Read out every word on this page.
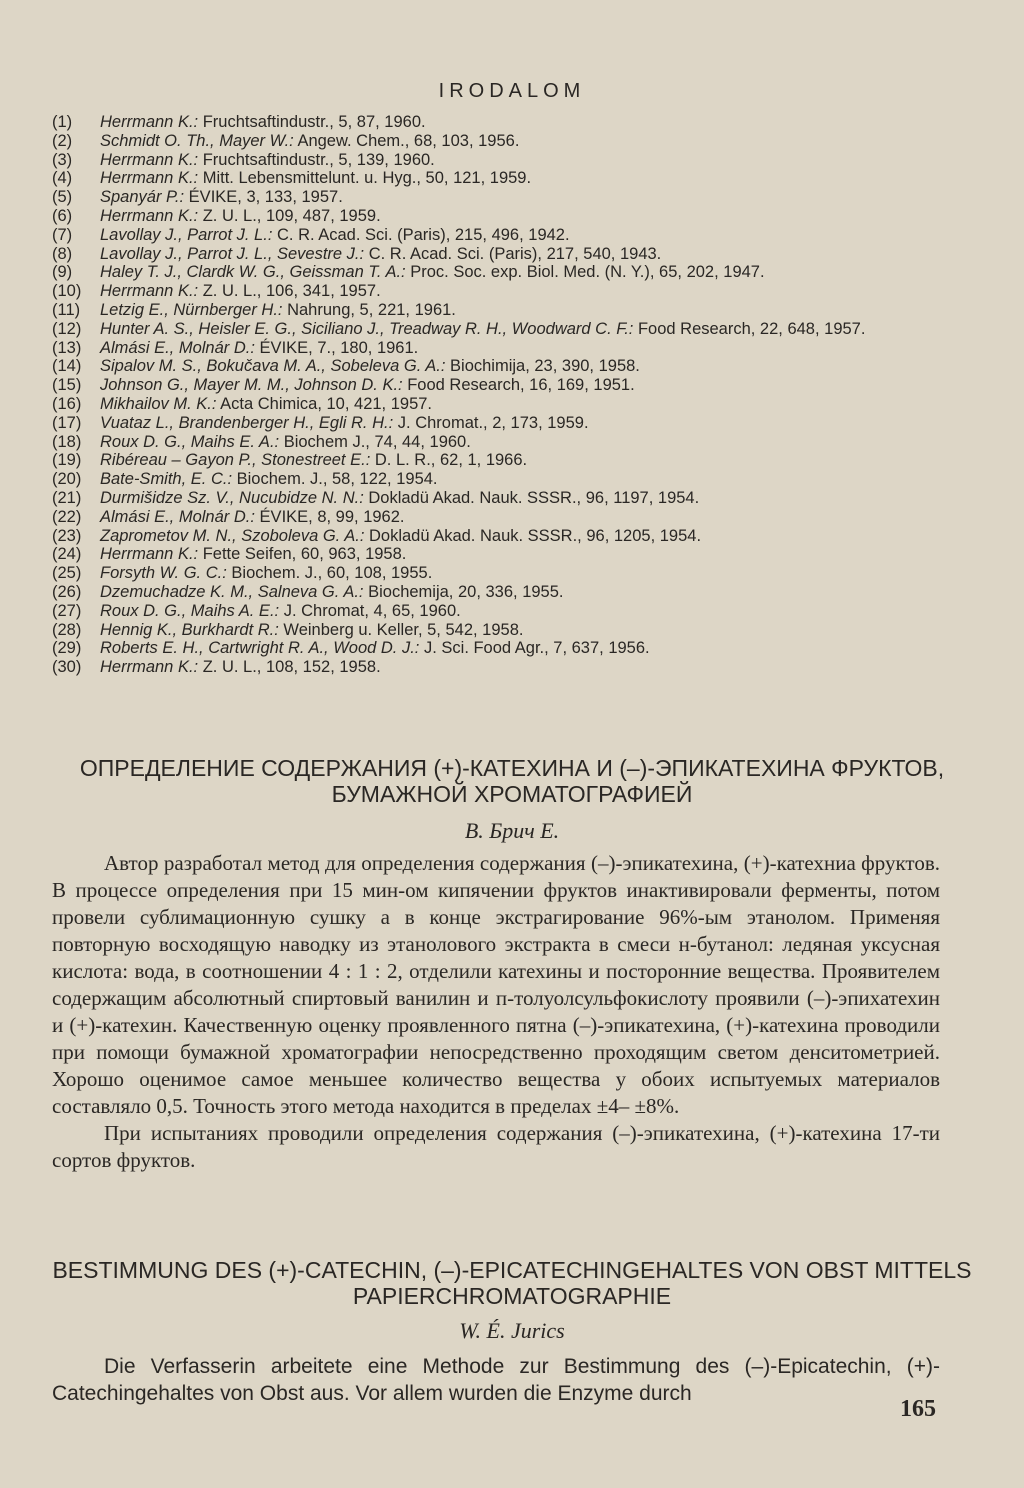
IRODALOM
(1)	Herrmann K.: Fruchtsaftindustr., 5, 87, 1960.
(2)	Schmidt O. Th., Mayer W.: Angew. Chem., 68, 103, 1956.
(3)	Herrmann K.: Fruchtsaftindustr., 5, 139, 1960.
(4)	Herrmann K.: Mitt. Lebensmittelunt. u. Hyg., 50, 121, 1959.
(5)	Spanyár P.: ÉVIKE, 3, 133, 1957.
(6)	Herrmann K.: Z. U. L., 109, 487, 1959.
(7)	Lavollay J., Parrot J. L.: C. R. Acad. Sci. (Paris), 215, 496, 1942.
(8)	Lavollay J., Parrot J. L., Sevestre J.: C. R. Acad. Sci. (Paris), 217, 540, 1943.
(9)	Haley T. J., Clardk W. G., Geissman T. A.: Proc. Soc. exp. Biol. Med. (N. Y.), 65, 202, 1947.
(10)	Herrmann K.: Z. U. L., 106, 341, 1957.
(11)	Letzig E., Nürnberger H.: Nahrung, 5, 221, 1961.
(12)	Hunter A. S., Heisler E. G., Siciliano J., Treadway R. H., Woodward C. F.: Food Research, 22, 648, 1957.
(13)	Almási E., Molnár D.: ÉVIKE, 7., 180, 1961.
(14)	Sipalov M. S., Bokučava M. A., Sobeleva G. A.: Biochimija, 23, 390, 1958.
(15)	Johnson G., Mayer M. M., Johnson D. K.: Food Research, 16, 169, 1951.
(16)	Mikhailov M. K.: Acta Chimica, 10, 421, 1957.
(17)	Vuataz L., Brandenberger H., Egli R. H.: J. Chromat., 2, 173, 1959.
(18)	Roux D. G., Maihs E. A.: Biochem J., 74, 44, 1960.
(19)	Ribéreau – Gayon P., Stonestreet E.: D. L. R., 62, 1, 1966.
(20)	Bate-Smith, E. C.: Biochem. J., 58, 122, 1954.
(21)	Durmišidze Sz. V., Nucubidze N. N.: Dokladü Akad. Nauk. SSSR., 96, 1197, 1954.
(22)	Almási E., Molnár D.: ÉVIKE, 8, 99, 1962.
(23)	Zaprometov M. N., Szoboleva G. A.: Dokladü Akad. Nauk. SSSR., 96, 1205, 1954.
(24)	Herrmann K.: Fette Seifen, 60, 963, 1958.
(25)	Forsyth W. G. C.: Biochem. J., 60, 108, 1955.
(26)	Dzemuchadze K. M., Salneva G. A.: Biochemija, 20, 336, 1955.
(27)	Roux D. G., Maihs A. E.: J. Chromat, 4, 65, 1960.
(28)	Hennig K., Burkhardt R.: Weinberg u. Keller, 5, 542, 1958.
(29)	Roberts E. H., Cartwright R. A., Wood D. J.: J. Sci. Food Agr., 7, 637, 1956.
(30)	Herrmann K.: Z. U. L., 108, 152, 1958.
ОПРЕДЕЛЕНИЕ СОДЕРЖАНИЯ (+)-КАТЕХИНА И (–)-ЭПИКАТЕХИНА ФРУКТОВ, БУМАЖНОЙ ХРОМАТОГРАФИЕЙ
В. Брич Е.

Автор разработал метод для определения содержания (–)-эпикатехина, (+)-катехниа фруктов. В процессе определения при 15 мин-ом кипячении фруктов инактивировали ферменты, потом провели сублимационную сушку а в конце экстрагирование 96%-ым этанолом. Применяя повторную восходящую наводку из этанолового экстракта в смеси н-бутанол: ледяная уксусная кислота: вода, в соотношении 4 : 1 : 2, отделили катехины и посторонние вещества. Проявителем содержащим абсолютный спиртовый ванилин и п-толуолсульфокислоту проявили (–)-эпихатехин и (+)-катехин. Качественную оценку проявленного пятна (–)-эпикатехина, (+)-катехина проводили при помощи бумажной хроматографии непосредственно проходящим светом денситометрией. Хорошо оценимое самое меньшее количество вещества у обоих испытуемых материалов составляло 0,5. Точность этого метода находится в пределах ±4– ±8%.

При испытаниях проводили определения содержания (–)-эпикатехина, (+)-катехина 17-ти сортов фруктов.

BESTIMMUNG DES (+)-CATECHIN, (–)-EPICATECHINGEHALTES VON OBST MITTELS PAPIERCHROMATOGRAPHIE
W. É. Jurics

Die Verfasserin arbeitete eine Methode zur Bestimmung des (–)-Epicatechin, (+)-Catechingehaltes von Obst aus. Vor allem wurden die Enzyme durch

165
